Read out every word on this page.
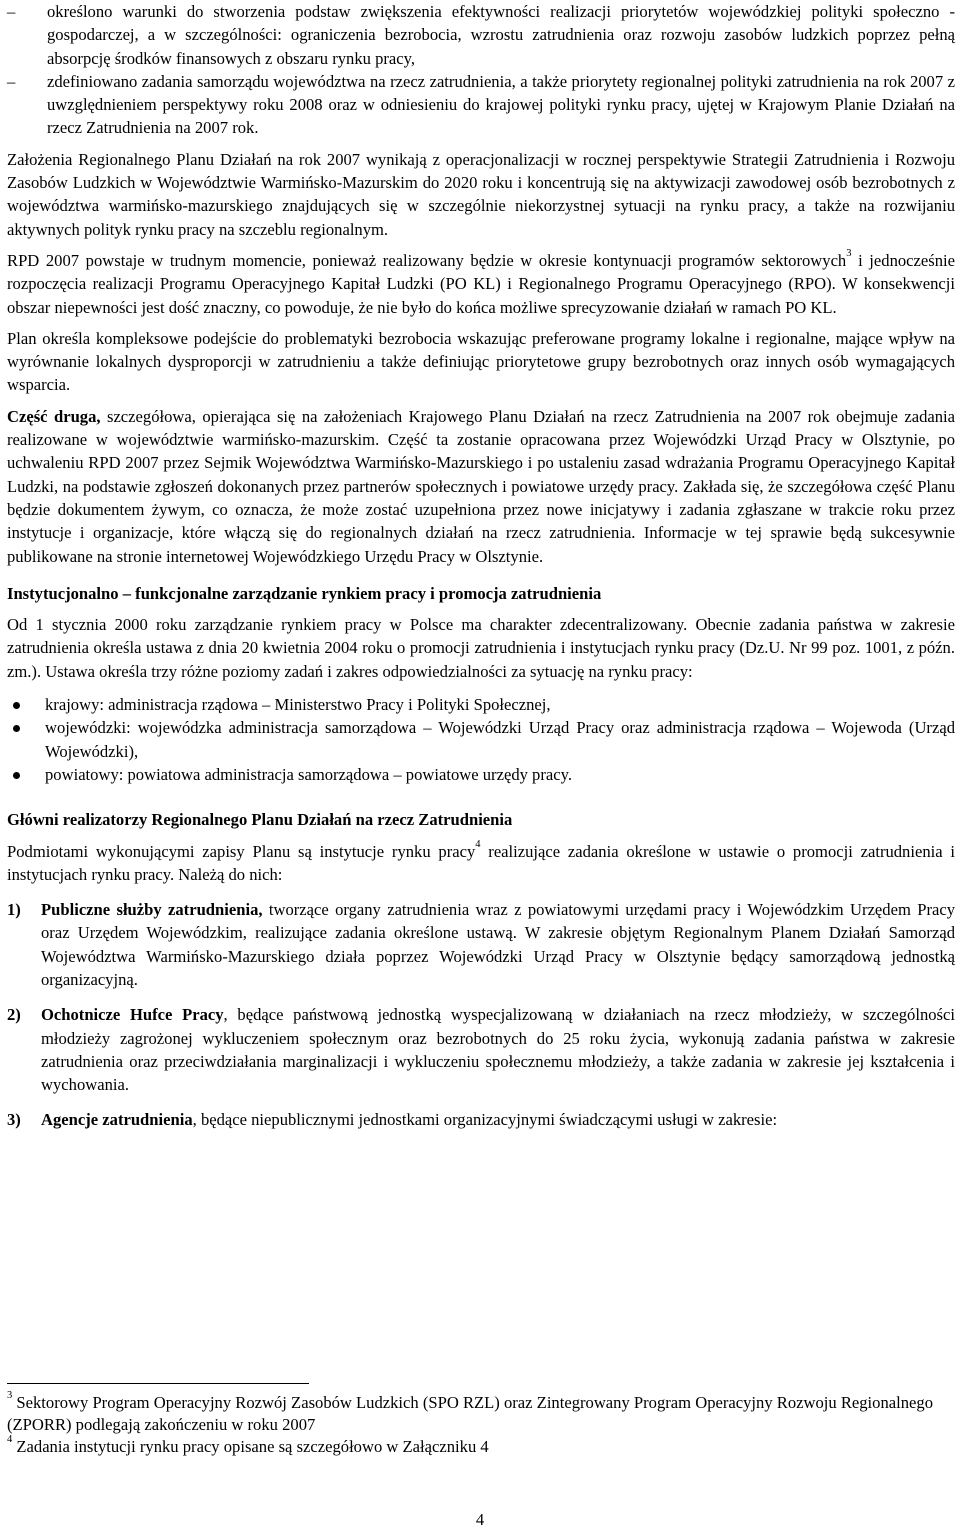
–	określono warunki do stworzenia podstaw zwiększenia efektywności realizacji priorytetów wojewódzkiej polityki społeczno - gospodarczej, a w szczególności: ograniczenia bezrobocia, wzrostu zatrudnienia oraz rozwoju zasobów ludzkich poprzez pełną absorpcję środków finansowych z obszaru rynku pracy,
–	zdefiniowano zadania samorządu województwa na rzecz zatrudnienia, a także priorytety regionalnej polityki zatrudnienia na rok 2007 z uwzględnieniem perspektywy roku 2008 oraz w odniesieniu do krajowej polityki rynku pracy, ujętej w Krajowym Planie Działań na rzecz Zatrudnienia na 2007 rok.

Założenia Regionalnego Planu Działań na rok 2007 wynikają z operacjonalizacji w rocznej perspektywie Strategii Zatrudnienia i Rozwoju Zasobów Ludzkich w Województwie Warmińsko-Mazurskim do 2020 roku i koncentrują się na aktywizacji zawodowej osób bezrobotnych z województwa warmińsko-mazurskiego znajdujących się w szczególnie niekorzystnej sytuacji na rynku pracy, a także na rozwijaniu aktywnych polityk rynku pracy na szczeblu regionalnym.

RPD 2007 powstaje w trudnym momencie, ponieważ realizowany będzie w okresie kontynuacji programów sektorowych$^3$ i jednocześnie rozpoczęcia realizacji Programu Operacyjnego Kapitał Ludzki (PO KL) i Regionalnego Programu Operacyjnego (RPO). W konsekwencji obszar niepewności jest dość znaczny, co powoduje, że nie było do końca możliwe sprecyzowanie działań w ramach PO KL.

Plan określa kompleksowe podejście do problematyki bezrobocia wskazując preferowane programy lokalne i regionalne, mające wpływ na wyrównanie lokalnych dysproporcji w zatrudnieniu a także definiując priorytetowe grupy bezrobotnych oraz innych osób wymagających wsparcia.

Część druga, szczegółowa, opierająca się na założeniach Krajowego Planu Działań na rzecz Zatrudnienia na 2007 rok obejmuje zadania realizowane w województwie warmińsko-mazurskim. Część ta zostanie opracowana przez Wojewódzki Urząd Pracy w Olsztynie, po uchwaleniu RPD 2007 przez Sejmik Województwa Warmińsko-Mazurskiego i po ustaleniu zasad wdrażania Programu Operacyjnego Kapitał Ludzki, na podstawie zgłoszeń dokonanych przez partnerów społecznych i powiatowe urzędy pracy. Zakłada się, że szczegółowa część Planu będzie dokumentem żywym, co oznacza, że może zostać uzupełniona przez nowe inicjatywy i zadania zgłaszane w trakcie roku przez instytucje i organizacje, które włączą się do regionalnych działań na rzecz zatrudnienia. Informacje w tej sprawie będą sukcesywnie publikowane na stronie internetowej Wojewódzkiego Urzędu Pracy w Olsztynie.

Instytucjonalno – funkcjonalne zarządzanie rynkiem pracy i promocja zatrudnienia

Od 1 stycznia 2000 roku zarządzanie rynkiem pracy w Polsce ma charakter zdecentralizowany. Obecnie zadania państwa w zakresie zatrudnienia określa ustawa z dnia 20 kwietnia 2004 roku o promocji zatrudnienia i instytucjach rynku pracy (Dz.U. Nr 99 poz. 1001, z późn. zm.). Ustawa określa trzy różne poziomy zadań i zakres odpowiedzialności za sytuację na rynku pracy:

krajowy: administracja rządowa – Ministerstwo Pracy i Polityki Społecznej,
wojewódzki: wojewódzka administracja samorządowa – Wojewódzki Urząd Pracy oraz administracja rządowa – Wojewoda (Urząd Wojewódzki),
powiatowy: powiatowa administracja samorządowa – powiatowe urzędy pracy.

Główni realizatorzy Regionalnego Planu Działań na rzecz Zatrudnienia

Podmiotami wykonującymi zapisy Planu są instytucje rynku pracy$^4$ realizujące zadania określone w ustawie o promocji zatrudnienia i instytucjach rynku pracy. Należą do nich:

1) Publiczne służby zatrudnienia, tworzące organy zatrudnienia wraz z powiatowymi urzędami pracy i Wojewódzkim Urzędem Pracy oraz Urzędem Wojewódzkim, realizujące zadania określone ustawą. W zakresie objętym Regionalnym Planem Działań Samorząd Województwa Warmińsko-Mazurskiego działa poprzez Wojewódzki Urząd Pracy w Olsztynie będący samorządową jednostką organizacyjną.
2) Ochotnicze Hufce Pracy, będące państwową jednostką wyspecjalizowaną w działaniach na rzecz młodzieży, w szczególności młodzieży zagrożonej wykluczeniem społecznym oraz bezrobotnych do 25 roku życia, wykonują zadania państwa w zakresie zatrudnienia oraz przeciwdziałania marginalizacji i wykluczeniu społecznemu młodzieży, a także zadania w zakresie jej kształcenia i wychowania.
3) Agencje zatrudnienia, będące niepublicznymi jednostkami organizacyjnymi świadczącymi usługi w zakresie:

$^3$ Sektorowy Program Operacyjny Rozwój Zasobów Ludzkich (SPO RZL) oraz Zintegrowany Program Operacyjny Rozwoju Regionalnego (ZPORR) podlegają zakończeniu w roku 2007

$^4$ Zadania instytucji rynku pracy opisane są szczegółowo w Załączniku 4

4
